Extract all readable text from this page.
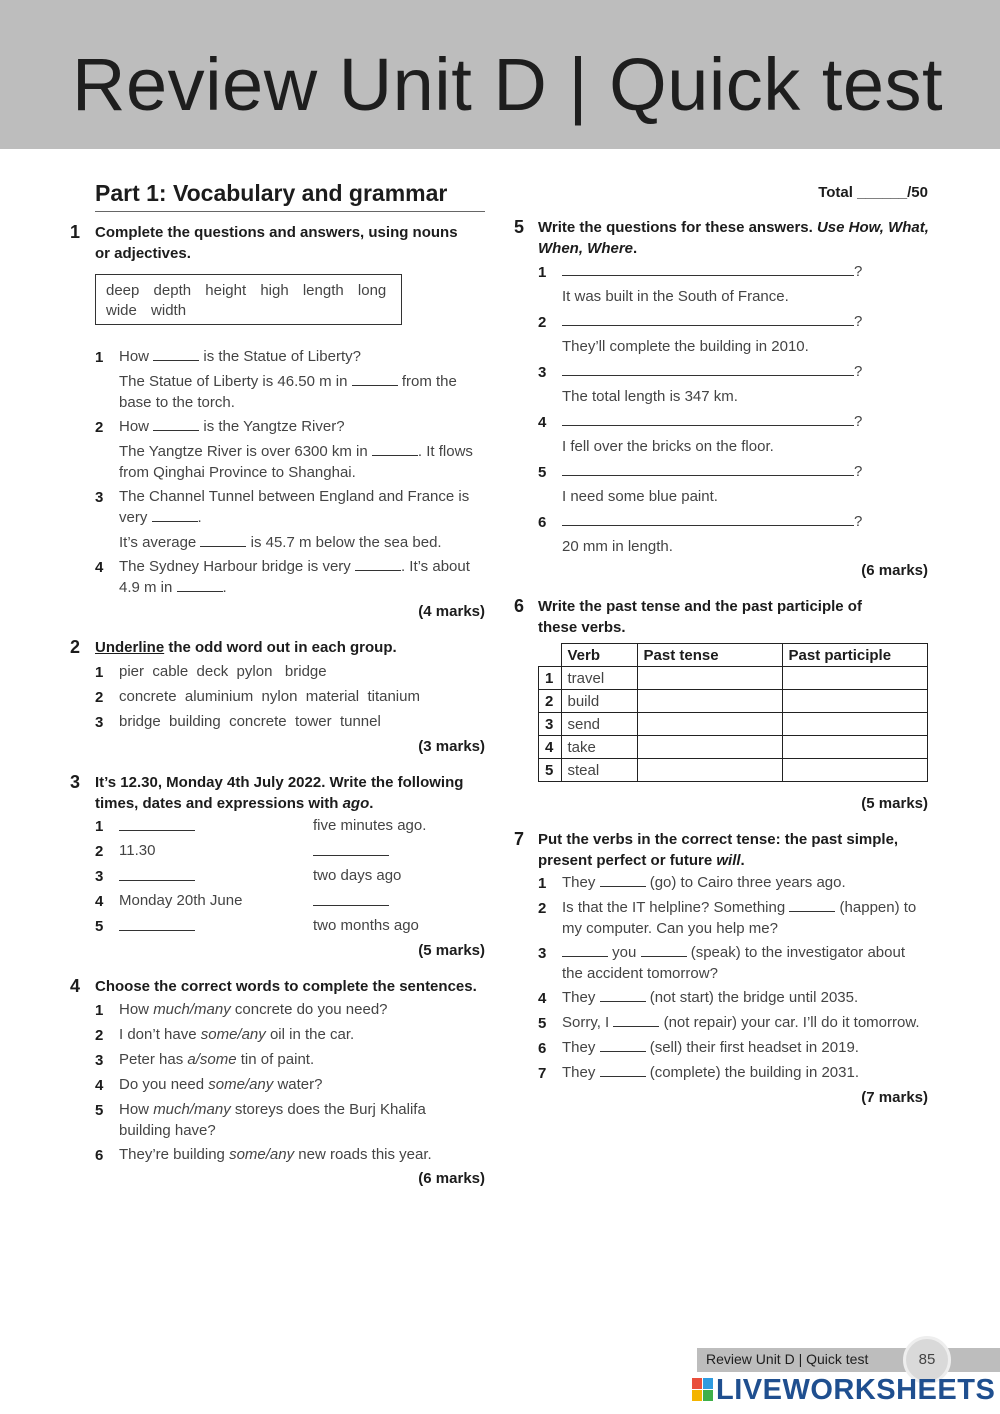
Review Unit D | Quick test
Part 1: Vocabulary and grammar	Total ______/50
1 Complete the questions and answers, using nouns or adjectives.
deep depth height high length long
wide width
1 How	is the Statue of Liberty?
The Statue of Liberty is 46.50 m in	from the
base to the torch.
2 How	is the Yangtze River?
The Yangtze River is over 6300 km in	. It flows
from Qinghai Province to Shanghai.
3 The Channel Tunnel between England and France is
very	.
It’s average	is 45.7 m below the sea bed.
4 The Sydney Harbour bridge is very	. It’s about
4.9 m in	.
(4 marks)
2 Underline the odd word out in each group.
1 pier  cable  deck  pylon   bridge
2 concrete  aluminium  nylon  material  titanium
3 bridge  building  concrete  tower  tunnel
(3 marks)
3 It’s 12.30, Monday 4th July 2022. Write the following
times, dates and expressions with ago.
1	five minutes ago.
2 11.30
3	two days ago
4 Monday 20th June
5	two months ago
(5 marks)
4 Choose the correct words to complete the sentences.
1 How much/many concrete do you need?
2 I don’t have some/any oil in the car.
3 Peter has a/some tin of paint.
4 Do you need some/any water?
5 How much/many storeys does the Burj Khalifa
building have?
6 They’re building some/any new roads this year.
(6 marks)
5 Write the questions for these answers. Use How, What,
When, Where.
1	?
It was built in the South of France.
2	?
They’ll complete the building in 2010.
3	?
The total length is 347 km.
4	?
I fell over the bricks on the floor.
5	?
I need some blue paint.
6	?
20 mm in length.
(6 marks)
6 Write the past tense and the past participle of
these verbs.
	Verb	Past tense	Past participle
1	travel		
2	build		
3	send		
4	take		
5	steal		
(5 marks)
7 Put the verbs in the correct tense: the past simple,
present perfect or future will.
1 They	(go) to Cairo three years ago.
2 Is that the IT helpline? Something	(happen) to
my computer. Can you help me?
3	you	(speak) to the investigator about
the accident tomorrow?
4 They	(not start) the bridge until 2035.
5 Sorry, I	(not repair) your car. I’ll do it tomorrow.
6 They	(sell) their first headset in 2019.
7 They	(complete) the building in 2031.
(7 marks)
Review Unit D | Quick test	85
LIVEWORKSHEETS
